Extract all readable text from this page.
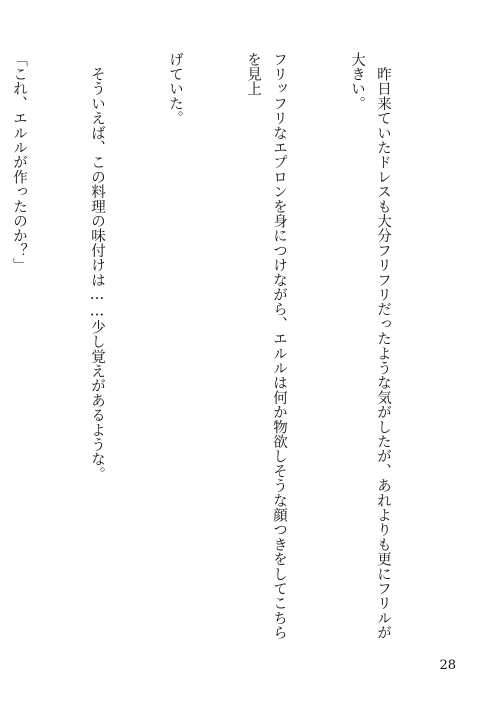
　昨日来ていたドレスも大分フリフリだったような気がしたが、あれよりも更にフリルが大きい。

フリッフリなエプロンを身につけながら、エルルは何か物欲しそうな顔つきをしてこちらを見上

げていた。

　そういえば、この料理の味付けは……少し覚えがあるような。

「これ、エルルが作ったのか？」

28
